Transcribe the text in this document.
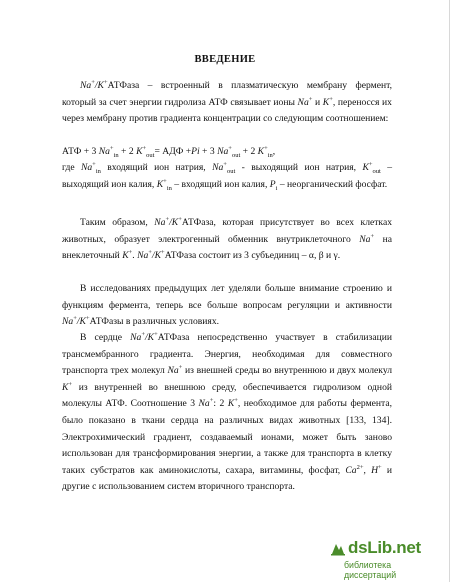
ВВЕДЕНИЕ
Na+/K+АТФаза – встроенный в плазматическую мембрану фермент, который за счет энергии гидролиза АТФ связывает ионы Na+ и K+, переносся их через мембрану против градиента концентрации со следующим соотношением:
АТФ + 3 $Na^+_{in} + 2$ $K^+_{out}=$ АДФ +Pi + 3 $Na^+_{out} + 2$ $K^+_{in}$,
где $Na^+_{in}$ входящий ион натрия, $Na^+_{out}$ - выходящий ион натрия, $K^+_{out}$ – выходящий ион калия, $K^+_{in}$ – входящий ион калия, $P_i$ – неорганический фосфат.
Таким образом, Na+/K+АТФаза, которая присутствует во всех клетках животных, образует электрогенный обменник внутриклеточного Na+ на внеклеточный K+. Na+/K+АТФаза состоит из 3 субъединиц – α, β и γ.
В исследованиях предыдущих лет уделяли больше внимание строению и функциям фермента, теперь все больше вопросам регуляции и активности Na+/K+АТФазы в различных условиях.
В сердце Na+/K+АТФаза непосредственно участвует в стабилизации трансмембранного градиента. Энергия, необходимая для совместного транспорта трех молекул Na+ из внешней среды во внутреннюю и двух молекул K+ из внутренней во внешнюю среду, обеспечивается гидролизом одной молекулы АТФ. Соотношение 3 Na+: 2 K+, необходимое для работы фермента, было показано в ткани сердца на различных видах животных [133, 134]. Электрохимический градиент, создаваемый ионами, может быть заново использован для трансформирования энергии, а также для транспорта в клетку таких субстратов как аминокислоты, сахара, витамины, фосфат, $Ca^{2+}$, H+ и другие с использованием систем вторичного транспорта.
dsLib.net
библиотека диссертаций
